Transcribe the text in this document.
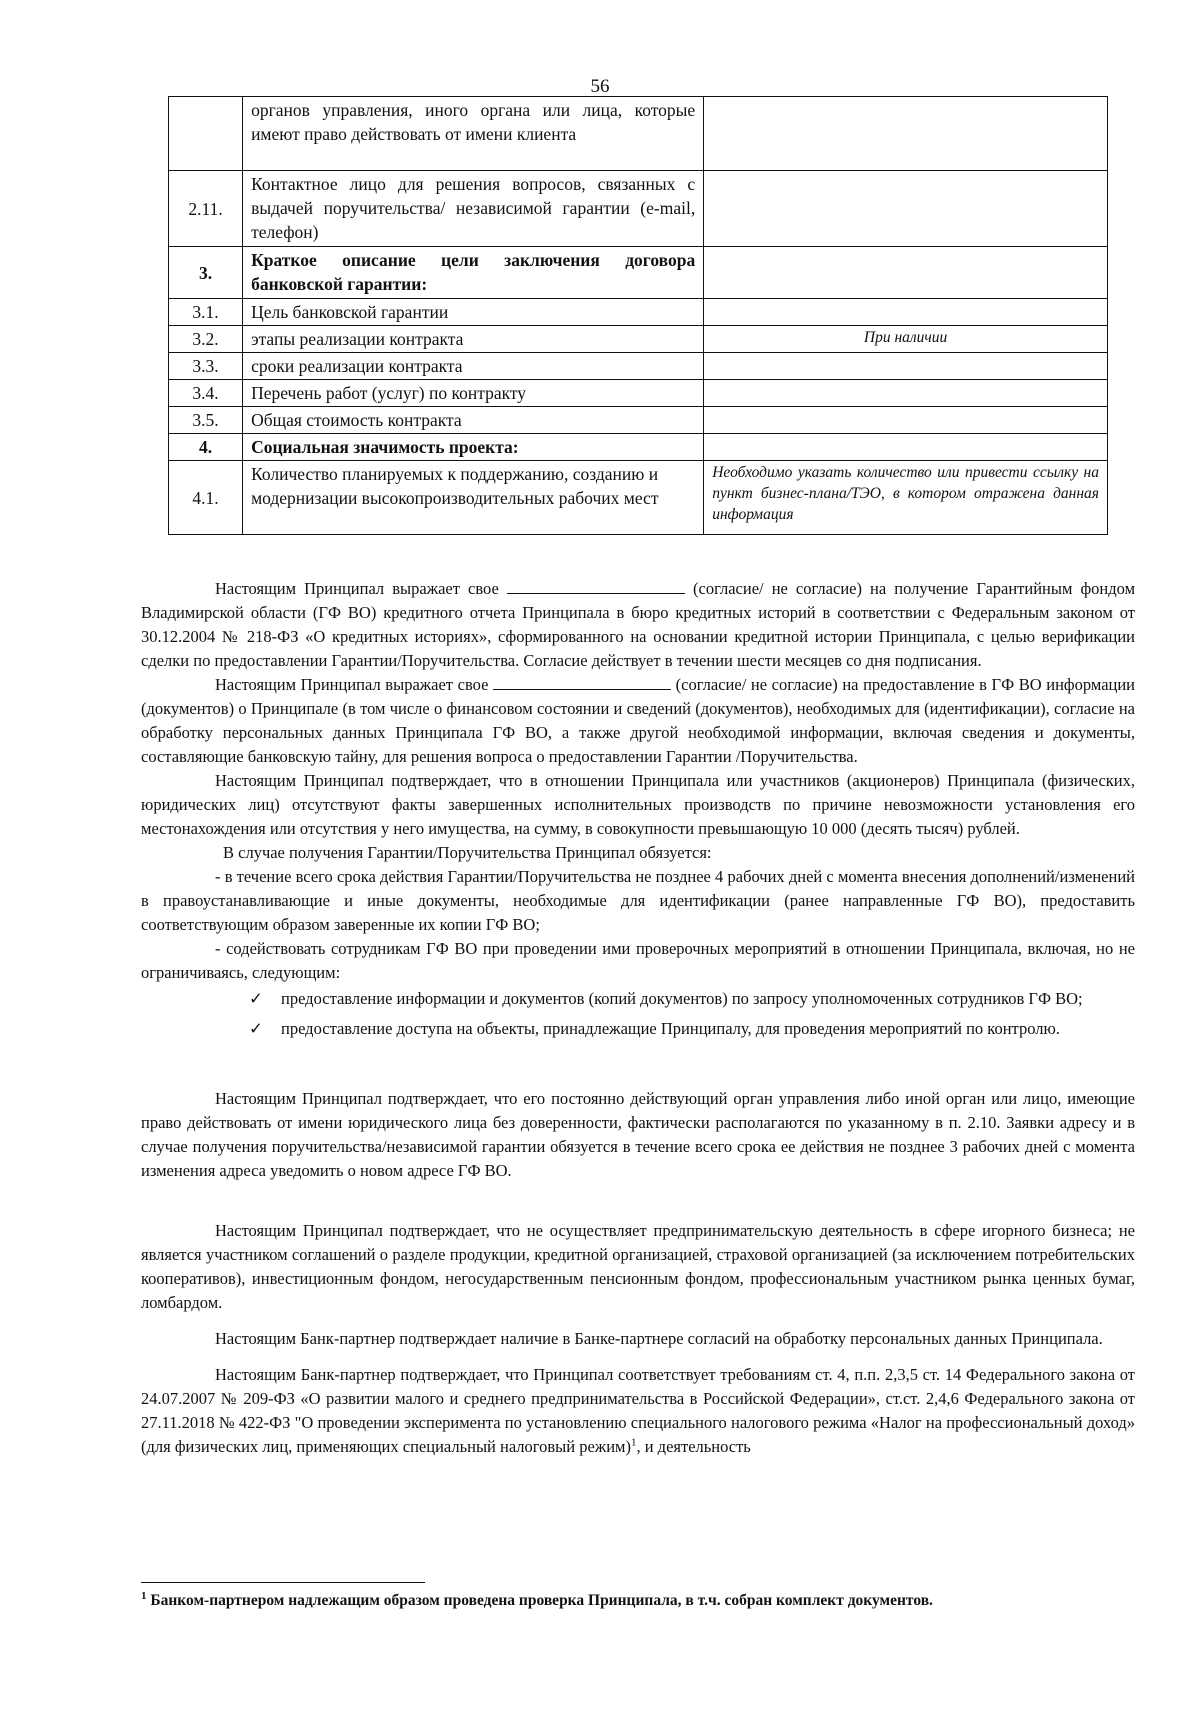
56
	органов управления, иного органа или лица, которые имеют право действовать от имени клиента	
2.11.	Контактное лицо для решения вопросов, связанных с выдачей поручительства/ независимой гарантии (e-mail, телефон)	
3.	Краткое описание цели заключения договора банковской гарантии:	
3.1.	Цель банковской гарантии	
3.2.	этапы реализации контракта	При наличии
3.3.	сроки реализации контракта	
3.4.	Перечень работ (услуг) по контракту	
3.5.	Общая стоимость контракта	
4.	Социальная значимость проекта:	
4.1.	Количество планируемых к поддержанию, созданию и модернизации высокопроизводительных рабочих мест	Необходимо указать количество или привести ссылку на пункт бизнес-плана/ТЭО, в котором отражена данная информация

Настоящим Принципал выражает свое	(согласие/ не согласие) на получение Гарантийным фондом Владимирской области (ГФ ВО) кредитного отчета Принципала в бюро кредитных историй в соответствии с Федеральным законом от 30.12.2004 № 218-ФЗ «О кредитных историях», сформированного на основании кредитной истории Принципала, с целью верификации сделки по предоставлении Гарантии/Поручительства. Согласие действует в течении шести месяцев со дня подписания.

Настоящим Принципал выражает свое	(согласие/ не согласие) на предоставление в ГФ ВО информации (документов) о Принципале (в том числе о финансовом состоянии и сведений (документов), необходимых для (идентификации), согласие на обработку персональных данных Принципала ГФ ВО, а также другой необходимой информации, включая сведения и документы, составляющие банковскую тайну, для решения вопроса о предоставлении Гарантии /Поручительства.

Настоящим Принципал подтверждает, что в отношении Принципала или участников (акционеров) Принципала (физических, юридических лиц) отсутствуют факты завершенных исполнительных производств по причине невозможности установления его местонахождения или отсутствия у него имущества, на сумму, в совокупности превышающую 10 000 (десять тысяч) рублей.

В случае получения Гарантии/Поручительства Принципал обязуется:

- в течение всего срока действия Гарантии/Поручительства не позднее 4 рабочих дней с момента внесения дополнений/изменений в правоустанавливающие и иные документы, необходимые для идентификации (ранее направленные ГФ ВО), предоставить соответствующим образом заверенные их копии ГФ ВО;

- содействовать сотрудникам ГФ ВО при проведении ими проверочных мероприятий в отношении Принципала, включая, но не ограничиваясь, следующим:

✓ предоставление информации и документов (копий документов) по запросу уполномоченных сотрудников ГФ ВО;
✓ предоставление доступа на объекты, принадлежащие Принципалу, для проведения мероприятий по контролю.

Настоящим Принципал подтверждает, что его постоянно действующий орган управления либо иной орган или лицо, имеющие право действовать от имени юридического лица без доверенности, фактически располагаются по указанному в п. 2.10. Заявки адресу и в случае получения поручительства/независимой гарантии обязуется в течение всего срока ее действия не позднее 3 рабочих дней с момента изменения адреса уведомить о новом адресе ГФ ВО.

Настоящим Принципал подтверждает, что не осуществляет предпринимательскую деятельность в сфере игорного бизнеса; не является участником соглашений о разделе продукции, кредитной организацией, страховой организацией (за исключением потребительских кооперативов), инвестиционным фондом, негосударственным пенсионным фондом, профессиональным участником рынка ценных бумаг, ломбардом.

Настоящим Банк-партнер подтверждает наличие в Банке-партнере согласий на обработку персональных данных Принципала.

Настоящим Банк-партнер подтверждает, что Принципал соответствует требованиям ст. 4, п.п. 2,3,5 ст. 14 Федерального закона от 24.07.2007 № 209-ФЗ «О развитии малого и среднего предпринимательства в Российской Федерации», ст.ст. 2,4,6 Федерального закона от 27.11.2018 № 422-ФЗ "О проведении эксперимента по установлению специального налогового режима «Налог на профессиональный доход» (для физических лиц, применяющих специальный налоговый режим)$^1$, и деятельность

$^1$ Банком-партнером надлежащим образом проведена проверка Принципала, в т.ч. собран комплект документов.
